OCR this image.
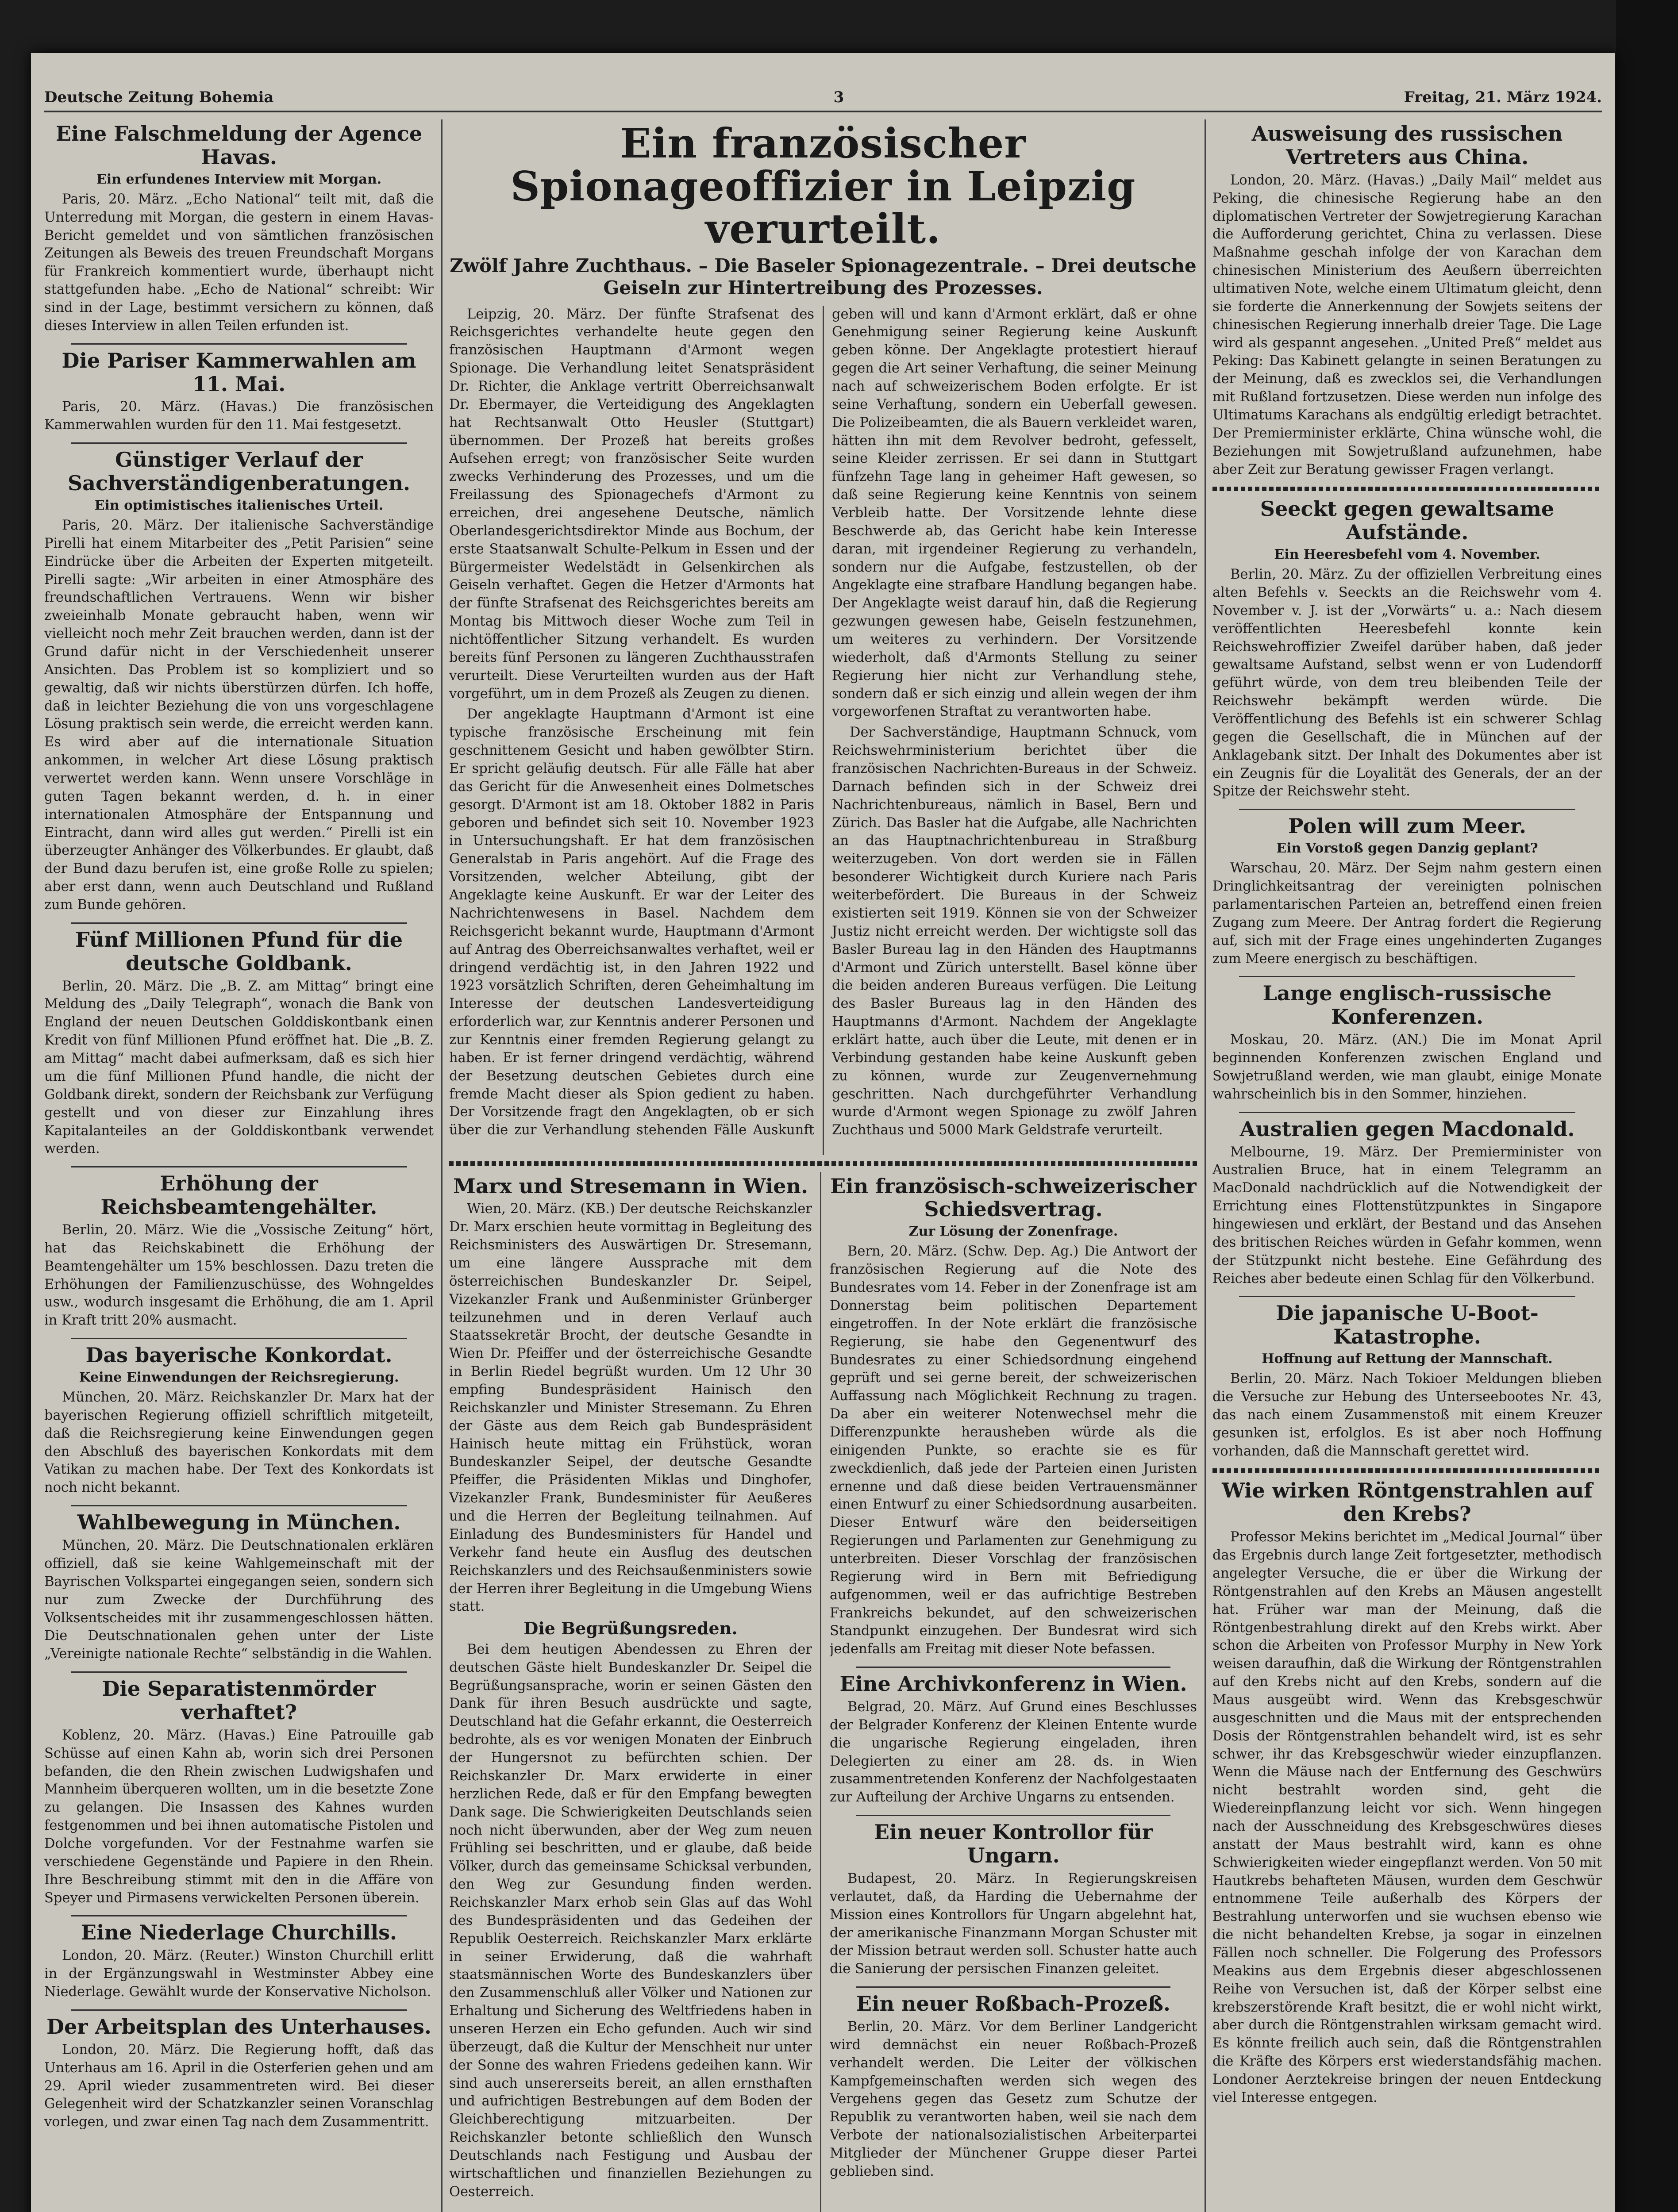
Deutsche Zeitung Bohemia	3	Freitag, 21. März 1924.
Eine Falschmeldung der Agence Havas.
Ein erfundenes Interview mit Morgan.
Paris, 20. März. „Echo National“ teilt mit, daß die Unterredung mit Morgan, die gestern in einem Havas-Bericht gemeldet und von sämtlichen französischen Zeitungen als Beweis des treuen Freundschaft Morgans für Frankreich kommentiert wurde, überhaupt nicht stattgefunden habe. „Echo de National“ schreibt: Wir sind in der Lage, bestimmt versichern zu können, daß dieses Interview in allen Teilen erfunden ist.
Die Pariser Kammerwahlen am 11. Mai.
Paris, 20. März. (Havas.) Die französischen Kammerwahlen wurden für den 11. Mai festgesetzt.
Günstiger Verlauf der Sachverständigenberatungen.
Ein optimistisches italienisches Urteil.
Paris, 20. März. Der italienische Sachverständige Pirelli hat einem Mitarbeiter des „Petit Parisien“ seine Eindrücke über die Arbeiten der Experten mitgeteilt. Pirelli sagte: „Wir arbeiten in einer Atmosphäre des freundschaftlichen Vertrauens. Wenn wir bisher zweieinhalb Monate gebraucht haben, wenn wir vielleicht noch mehr Zeit brauchen werden, dann ist der Grund dafür nicht in der Verschiedenheit unserer Ansichten. Das Problem ist so kompliziert und so gewaltig, daß wir nichts überstürzen dürfen. Ich hoffe, daß in leichter Beziehung die von uns vorgeschlagene Lösung praktisch sein werde, die erreicht werden kann. Es wird aber auf die internationale Situation ankommen, in welcher Art diese Lösung praktisch verwertet werden kann. Wenn unsere Vorschläge in guten Tagen bekannt werden, d. h. in einer internationalen Atmosphäre der Entspannung und Eintracht, dann wird alles gut werden.“ Pirelli ist ein überzeugter Anhänger des Völkerbundes. Er glaubt, daß der Bund dazu berufen ist, eine große Rolle zu spielen; aber erst dann, wenn auch Deutschland und Rußland zum Bunde gehören.
Fünf Millionen Pfund für die deutsche Goldbank.
Berlin, 20. März. Die „B. Z. am Mittag“ bringt eine Meldung des „Daily Telegraph“, wonach die Bank von England der neuen Deutschen Golddiskontbank einen Kredit von fünf Millionen Pfund eröffnet hat. Die „B. Z. am Mittag“ macht dabei aufmerksam, daß es sich hier um die fünf Millionen Pfund handle, die nicht der Goldbank direkt, sondern der Reichsbank zur Verfügung gestellt und von dieser zur Einzahlung ihres Kapitalanteiles an der Golddiskontbank verwendet werden.
Erhöhung der Reichsbeamtengehälter.
Berlin, 20. März. Wie die „Vossische Zeitung“ hört, hat das Reichskabinett die Erhöhung der Beamtengehälter um 15% beschlossen. Dazu treten die Erhöhungen der Familienzuschüsse, des Wohngeldes usw., wodurch insgesamt die Erhöhung, die am 1. April in Kraft tritt 20% ausmacht.
Das bayerische Konkordat.
Keine Einwendungen der Reichsregierung.
München, 20. März. Reichskanzler Dr. Marx hat der bayerischen Regierung offiziell schriftlich mitgeteilt, daß die Reichsregierung keine Einwendungen gegen den Abschluß des bayerischen Konkordats mit dem Vatikan zu machen habe. Der Text des Konkordats ist noch nicht bekannt.
Wahlbewegung in München.
München, 20. März. Die Deutschnationalen erklären offiziell, daß sie keine Wahlgemeinschaft mit der Bayrischen Volkspartei eingegangen seien, sondern sich nur zum Zwecke der Durchführung des Volksentscheides mit ihr zusammengeschlossen hätten. Die Deutschnationalen gehen unter der Liste „Vereinigte nationale Rechte“ selbständig in die Wahlen.
Die Separatistenmörder verhaftet?
Koblenz, 20. März. (Havas.) Eine Patrouille gab Schüsse auf einen Kahn ab, worin sich drei Personen befanden, die den Rhein zwischen Ludwigshafen und Mannheim überqueren wollten, um in die besetzte Zone zu gelangen. Die Insassen des Kahnes wurden festgenommen und bei ihnen automatische Pistolen und Dolche vorgefunden. Vor der Festnahme warfen sie verschiedene Gegenstände und Papiere in den Rhein. Ihre Beschreibung stimmt mit den in die Affäre von Speyer und Pirmasens verwickelten Personen überein.
Eine Niederlage Churchills.
London, 20. März. (Reuter.) Winston Churchill erlitt in der Ergänzungswahl in Westminster Abbey eine Niederlage. Gewählt wurde der Konservative Nicholson.
Der Arbeitsplan des Unterhauses.
London, 20. März. Die Regierung hofft, daß das Unterhaus am 16. April in die Osterferien gehen und am 29. April wieder zusammentreten wird. Bei dieser Gelegenheit wird der Schatzkanzler seinen Voranschlag vorlegen, und zwar einen Tag nach dem Zusammentritt.
Ein französischer Spionageoffizier in Leipzig verurteilt.
Zwölf Jahre Zuchthaus. – Die Baseler Spionagezentrale. – Drei deutsche Geiseln zur Hintertreibung des Prozesses.
Leipzig, 20. März. Der fünfte Strafsenat des Reichsgerichtes verhandelte heute gegen den französischen Hauptmann d'Armont wegen Spionage. Die Verhandlung leitet Senatspräsident Dr. Richter, die Anklage vertritt Oberreichsanwalt Dr. Ebermayer, die Verteidigung des Angeklagten hat Rechtsanwalt Otto Heusler (Stuttgart) übernommen. Der Prozeß hat bereits großes Aufsehen erregt; von französischer Seite wurden zwecks Verhinderung des Prozesses, und um die Freilassung des Spionagechefs d'Armont zu erreichen, drei angesehene Deutsche, nämlich Oberlandesgerichtsdirektor Minde aus Bochum, der erste Staatsanwalt Schulte-Pelkum in Essen und der Bürgermeister Wedelstädt in Gelsenkirchen als Geiseln verhaftet. Gegen die Hetzer d'Armonts hat der fünfte Strafsenat des Reichsgerichtes bereits am Montag bis Mittwoch dieser Woche zum Teil in nichtöffentlicher Sitzung verhandelt. Es wurden bereits fünf Personen zu längeren Zuchthausstrafen verurteilt. Diese Verurteilten wurden aus der Haft vorgeführt, um in dem Prozeß als Zeugen zu dienen.
Der angeklagte Hauptmann d'Armont ist eine typische französische Erscheinung mit fein geschnittenem Gesicht und haben gewölbter Stirn. Er spricht geläufig deutsch. Für alle Fälle hat aber das Gericht für die Anwesenheit eines Dolmetsches gesorgt. D'Armont ist am 18. Oktober 1882 in Paris geboren und befindet sich seit 10. November 1923 in Untersuchungshaft. Er hat dem französischen Generalstab in Paris angehört. Auf die Frage des Vorsitzenden, welcher Abteilung, gibt der Angeklagte keine Auskunft. Er war der Leiter des Nachrichtenwesens in Basel. Nachdem dem Reichsgericht bekannt wurde, Hauptmann d'Armont auf Antrag des Oberreichsanwaltes verhaftet, weil er dringend verdächtig ist, in den Jahren 1922 und 1923 vorsätzlich Schriften, deren Geheimhaltung im Interesse der deutschen Landesverteidigung erforderlich war, zur Kenntnis anderer Personen und zur Kenntnis einer fremden Regierung gelangt zu haben. Er ist ferner dringend verdächtig, während der Besetzung deutschen Gebietes durch eine fremde Macht dieser als Spion gedient zu haben. Der Vorsitzende fragt den Angeklagten, ob er sich über die zur Verhandlung stehenden Fälle Auskunft geben will und kann d'Armont erklärt, daß er ohne Genehmigung seiner Regierung keine Auskunft geben könne. Der Angeklagte protestiert hierauf gegen die Art seiner Verhaftung, die seiner Meinung nach auf schweizerischem Boden erfolgte. Er ist seine Verhaftung, sondern ein Ueberfall gewesen. Die Polizeibeamten, die als Bauern verkleidet waren, hätten ihn mit dem Revolver bedroht, gefesselt, seine Kleider zerrissen. Er sei dann in Stuttgart fünfzehn Tage lang in geheimer Haft gewesen, so daß seine Regierung keine Kenntnis von seinem Verbleib hatte. Der Vorsitzende lehnte diese Beschwerde ab, das Gericht habe kein Interesse daran, mit irgendeiner Regierung zu verhandeln, sondern nur die Aufgabe, festzustellen, ob der Angeklagte eine strafbare Handlung begangen habe. Der Angeklagte weist darauf hin, daß die Regierung gezwungen gewesen habe, Geiseln festzunehmen, um weiteres zu verhindern. Der Vorsitzende wiederholt, daß d'Armonts Stellung zu seiner Regierung hier nicht zur Verhandlung stehe, sondern daß er sich einzig und allein wegen der ihm vorgeworfenen Straftat zu verantworten habe.
Der Sachverständige, Hauptmann Schnuck, vom Reichswehrministerium berichtet über die französischen Nachrichten-Bureaus in der Schweiz. Darnach befinden sich in der Schweiz drei Nachrichtenbureaus, nämlich in Basel, Bern und Zürich. Das Basler hat die Aufgabe, alle Nachrichten an das Hauptnachrichtenbureau in Straßburg weiterzugeben. Von dort werden sie in Fällen besonderer Wichtigkeit durch Kuriere nach Paris weiterbefördert. Die Bureaus in der Schweiz existierten seit 1919. Können sie von der Schweizer Justiz nicht erreicht werden. Der wichtigste soll das Basler Bureau lag in den Händen des Hauptmanns d'Armont und Zürich unterstellt. Basel könne über die beiden anderen Bureaus verfügen. Die Leitung des Basler Bureaus lag in den Händen des Hauptmanns d'Armont. Nachdem der Angeklagte erklärt hatte, auch über die Leute, mit denen er in Verbindung gestanden habe keine Auskunft geben zu können, wurde zur Zeugenvernehmung geschritten. Nach durchgeführter Verhandlung wurde d'Armont wegen Spionage zu zwölf Jahren Zuchthaus und 5000 Mark Geldstrafe verurteilt.
Marx und Stresemann in Wien.
Wien, 20. März. (KB.) Der deutsche Reichskanzler Dr. Marx erschien heute vormittag in Begleitung des Reichsministers des Auswärtigen Dr. Stresemann, um eine längere Aussprache mit dem österreichischen Bundeskanzler Dr. Seipel, Vizekanzler Frank und Außenminister Grünberger teilzunehmen und in deren Verlauf auch Staatssekretär Brocht, der deutsche Gesandte in Wien Dr. Pfeiffer und der österreichische Gesandte in Berlin Riedel begrüßt wurden. Um 12 Uhr 30 empfing Bundespräsident Hainisch den Reichskanzler und Minister Stresemann. Zu Ehren der Gäste aus dem Reich gab Bundespräsident Hainisch heute mittag ein Frühstück, woran Bundeskanzler Seipel, der deutsche Gesandte Pfeiffer, die Präsidenten Miklas und Dinghofer, Vizekanzler Frank, Bundesminister für Aeußeres und die Herren der Begleitung teilnahmen. Auf Einladung des Bundesministers für Handel und Verkehr fand heute ein Ausflug des deutschen Reichskanzlers und des Reichsaußenministers sowie der Herren ihrer Begleitung in die Umgebung Wiens statt.
Die Begrüßungsreden.
Bei dem heutigen Abendessen zu Ehren der deutschen Gäste hielt Bundeskanzler Dr. Seipel die Begrüßungsansprache, worin er seinen Gästen den Dank für ihren Besuch ausdrückte und sagte, Deutschland hat die Gefahr erkannt, die Oesterreich bedrohte, als es vor wenigen Monaten der Einbruch der Hungersnot zu befürchten schien. Der Reichskanzler Dr. Marx erwiderte in einer herzlichen Rede, daß er für den Empfang bewegten Dank sage. Die Schwierigkeiten Deutschlands seien noch nicht überwunden, aber der Weg zum neuen Frühling sei beschritten, und er glaube, daß beide Völker, durch das gemeinsame Schicksal verbunden, den Weg zur Gesundung finden werden. Reichskanzler Marx erhob sein Glas auf das Wohl des Bundespräsidenten und das Gedeihen der Republik Oesterreich. Reichskanzler Marx erklärte in seiner Erwiderung, daß die wahrhaft staatsmännischen Worte des Bundeskanzlers über den Zusammenschluß aller Völker und Nationen zur Erhaltung und Sicherung des Weltfriedens haben in unseren Herzen ein Echo gefunden. Auch wir sind überzeugt, daß die Kultur der Menschheit nur unter der Sonne des wahren Friedens gedeihen kann. Wir sind auch unsererseits bereit, an allen ernsthaften und aufrichtigen Bestrebungen auf dem Boden der Gleichberechtigung mitzuarbeiten. Der Reichskanzler betonte schließlich den Wunsch Deutschlands nach Festigung und Ausbau der wirtschaftlichen und finanziellen Beziehungen zu Oesterreich.
Ein französisch-schweizerischer Schiedsvertrag.
Zur Lösung der Zonenfrage.
Bern, 20. März. (Schw. Dep. Ag.) Die Antwort der französischen Regierung auf die Note des Bundesrates vom 14. Feber in der Zonenfrage ist am Donnerstag beim politischen Departement eingetroffen. In der Note erklärt die französische Regierung, sie habe den Gegenentwurf des Bundesrates zu einer Schiedsordnung eingehend geprüft und sei gerne bereit, der schweizerischen Auffassung nach Möglichkeit Rechnung zu tragen. Da aber ein weiterer Notenwechsel mehr die Differenzpunkte herausheben würde als die einigenden Punkte, so erachte sie es für zweckdienlich, daß jede der Parteien einen Juristen ernenne und daß diese beiden Vertrauensmänner einen Entwurf zu einer Schiedsordnung ausarbeiten. Dieser Entwurf wäre den beiderseitigen Regierungen und Parlamenten zur Genehmigung zu unterbreiten. Dieser Vorschlag der französischen Regierung wird in Bern mit Befriedigung aufgenommen, weil er das aufrichtige Bestreben Frankreichs bekundet, auf den schweizerischen Standpunkt einzugehen. Der Bundesrat wird sich jedenfalls am Freitag mit dieser Note befassen.
Eine Archivkonferenz in Wien.
Belgrad, 20. März. Auf Grund eines Beschlusses der Belgrader Konferenz der Kleinen Entente wurde die ungarische Regierung eingeladen, ihren Delegierten zu einer am 28. ds. in Wien zusammentretenden Konferenz der Nachfolgestaaten zur Aufteilung der Archive Ungarns zu entsenden.
Ein neuer Kontrollor für Ungarn.
Budapest, 20. März. In Regierungskreisen verlautet, daß, da Harding die Uebernahme der Mission eines Kontrollors für Ungarn abgelehnt hat, der amerikanische Finanzmann Morgan Schuster mit der Mission betraut werden soll. Schuster hatte auch die Sanierung der persischen Finanzen geleitet.
Ein neuer Roßbach-Prozeß.
Berlin, 20. März. Vor dem Berliner Landgericht wird demnächst ein neuer Roßbach-Prozeß verhandelt werden. Die Leiter der völkischen Kampfgemeinschaften werden sich wegen des Vergehens gegen das Gesetz zum Schutze der Republik zu verantworten haben, weil sie nach dem Verbote der nationalsozialistischen Arbeiterpartei Mitglieder der Münchener Gruppe dieser Partei geblieben sind.
Ausweisung des russischen Vertreters aus China.
London, 20. März. (Havas.) „Daily Mail“ meldet aus Peking, die chinesische Regierung habe an den diplomatischen Vertreter der Sowjetregierung Karachan die Aufforderung gerichtet, China zu verlassen. Diese Maßnahme geschah infolge der von Karachan dem chinesischen Ministerium des Aeußern überreichten ultimativen Note, welche einem Ultimatum gleicht, denn sie forderte die Annerkennung der Sowjets seitens der chinesischen Regierung innerhalb dreier Tage. Die Lage wird als gespannt angesehen. „United Preß“ meldet aus Peking: Das Kabinett gelangte in seinen Beratungen zu der Meinung, daß es zwecklos sei, die Verhandlungen mit Rußland fortzusetzen. Diese werden nun infolge des Ultimatums Karachans als endgültig erledigt betrachtet. Der Premierminister erklärte, China wünsche wohl, die Beziehungen mit Sowjetrußland aufzunehmen, habe aber Zeit zur Beratung gewisser Fragen verlangt.
Seeckt gegen gewaltsame Aufstände.
Ein Heeresbefehl vom 4. November.
Berlin, 20. März. Zu der offiziellen Verbreitung eines alten Befehls v. Seeckts an die Reichswehr vom 4. November v. J. ist der „Vorwärts“ u. a.: Nach diesem veröffentlichten Heeresbefehl konnte kein Reichswehroffizier Zweifel darüber haben, daß jeder gewaltsame Aufstand, selbst wenn er von Ludendorff geführt würde, von dem treu bleibenden Teile der Reichswehr bekämpft werden würde. Die Veröffentlichung des Befehls ist ein schwerer Schlag gegen die Gesellschaft, die in München auf der Anklagebank sitzt. Der Inhalt des Dokumentes aber ist ein Zeugnis für die Loyalität des Generals, der an der Spitze der Reichswehr steht.
Polen will zum Meer.
Ein Vorstoß gegen Danzig geplant?
Warschau, 20. März. Der Sejm nahm gestern einen Dringlichkeitsantrag der vereinigten polnischen parlamentarischen Parteien an, betreffend einen freien Zugang zum Meere. Der Antrag fordert die Regierung auf, sich mit der Frage eines ungehinderten Zuganges zum Meere energisch zu beschäftigen.
Lange englisch-russische Konferenzen.
Moskau, 20. März. (AN.) Die im Monat April beginnenden Konferenzen zwischen England und Sowjetrußland werden, wie man glaubt, einige Monate wahrscheinlich bis in den Sommer, hinziehen.
Australien gegen Macdonald.
Melbourne, 19. März. Der Premierminister von Australien Bruce, hat in einem Telegramm an MacDonald nachdrücklich auf die Notwendigkeit der Errichtung eines Flottenstützpunktes in Singapore hingewiesen und erklärt, der Bestand und das Ansehen des britischen Reiches würden in Gefahr kommen, wenn der Stützpunkt nicht bestehe. Eine Gefährdung des Reiches aber bedeute einen Schlag für den Völkerbund.
Die japanische U-Boot-Katastrophe.
Hoffnung auf Rettung der Mannschaft.
Berlin, 20. März. Nach Tokioer Meldungen blieben die Versuche zur Hebung des Unterseebootes Nr. 43, das nach einem Zusammenstoß mit einem Kreuzer gesunken ist, erfolglos. Es ist aber noch Hoffnung vorhanden, daß die Mannschaft gerettet wird.
Wie wirken Röntgenstrahlen auf den Krebs?
Professor Mekins berichtet im „Medical Journal“ über das Ergebnis durch lange Zeit fortgesetzter, methodisch angelegter Versuche, die er über die Wirkung der Röntgenstrahlen auf den Krebs an Mäusen angestellt hat. Früher war man der Meinung, daß die Röntgenbestrahlung direkt auf den Krebs wirkt. Aber schon die Arbeiten von Professor Murphy in New York weisen daraufhin, daß die Wirkung der Röntgenstrahlen auf den Krebs nicht auf den Krebs, sondern auf die Maus ausgeübt wird. Wenn das Krebsgeschwür ausgeschnitten und die Maus mit der entsprechenden Dosis der Röntgenstrahlen behandelt wird, ist es sehr schwer, ihr das Krebsgeschwür wieder einzupflanzen. Wenn die Mäuse nach der Entfernung des Geschwürs nicht bestrahlt worden sind, geht die Wiedereinpflanzung leicht vor sich. Wenn hingegen nach der Ausschneidung des Krebsgeschwüres dieses anstatt der Maus bestrahlt wird, kann es ohne Schwierigkeiten wieder eingepflanzt werden. Von 50 mit Hautkrebs behafteten Mäusen, wurden dem Geschwür entnommene Teile außerhalb des Körpers der Bestrahlung unterworfen und sie wuchsen ebenso wie die nicht behandelten Krebse, ja sogar in einzelnen Fällen noch schneller. Die Folgerung des Professors Meakins aus dem Ergebnis dieser abgeschlossenen Reihe von Versuchen ist, daß der Körper selbst eine krebszerstörende Kraft besitzt, die er wohl nicht wirkt, aber durch die Röntgenstrahlen wirksam gemacht wird. Es könnte freilich auch sein, daß die Röntgenstrahlen die Kräfte des Körpers erst wiederstandsfähig machen. Londoner Aerztekreise bringen der neuen Entdeckung viel Interesse entgegen.
